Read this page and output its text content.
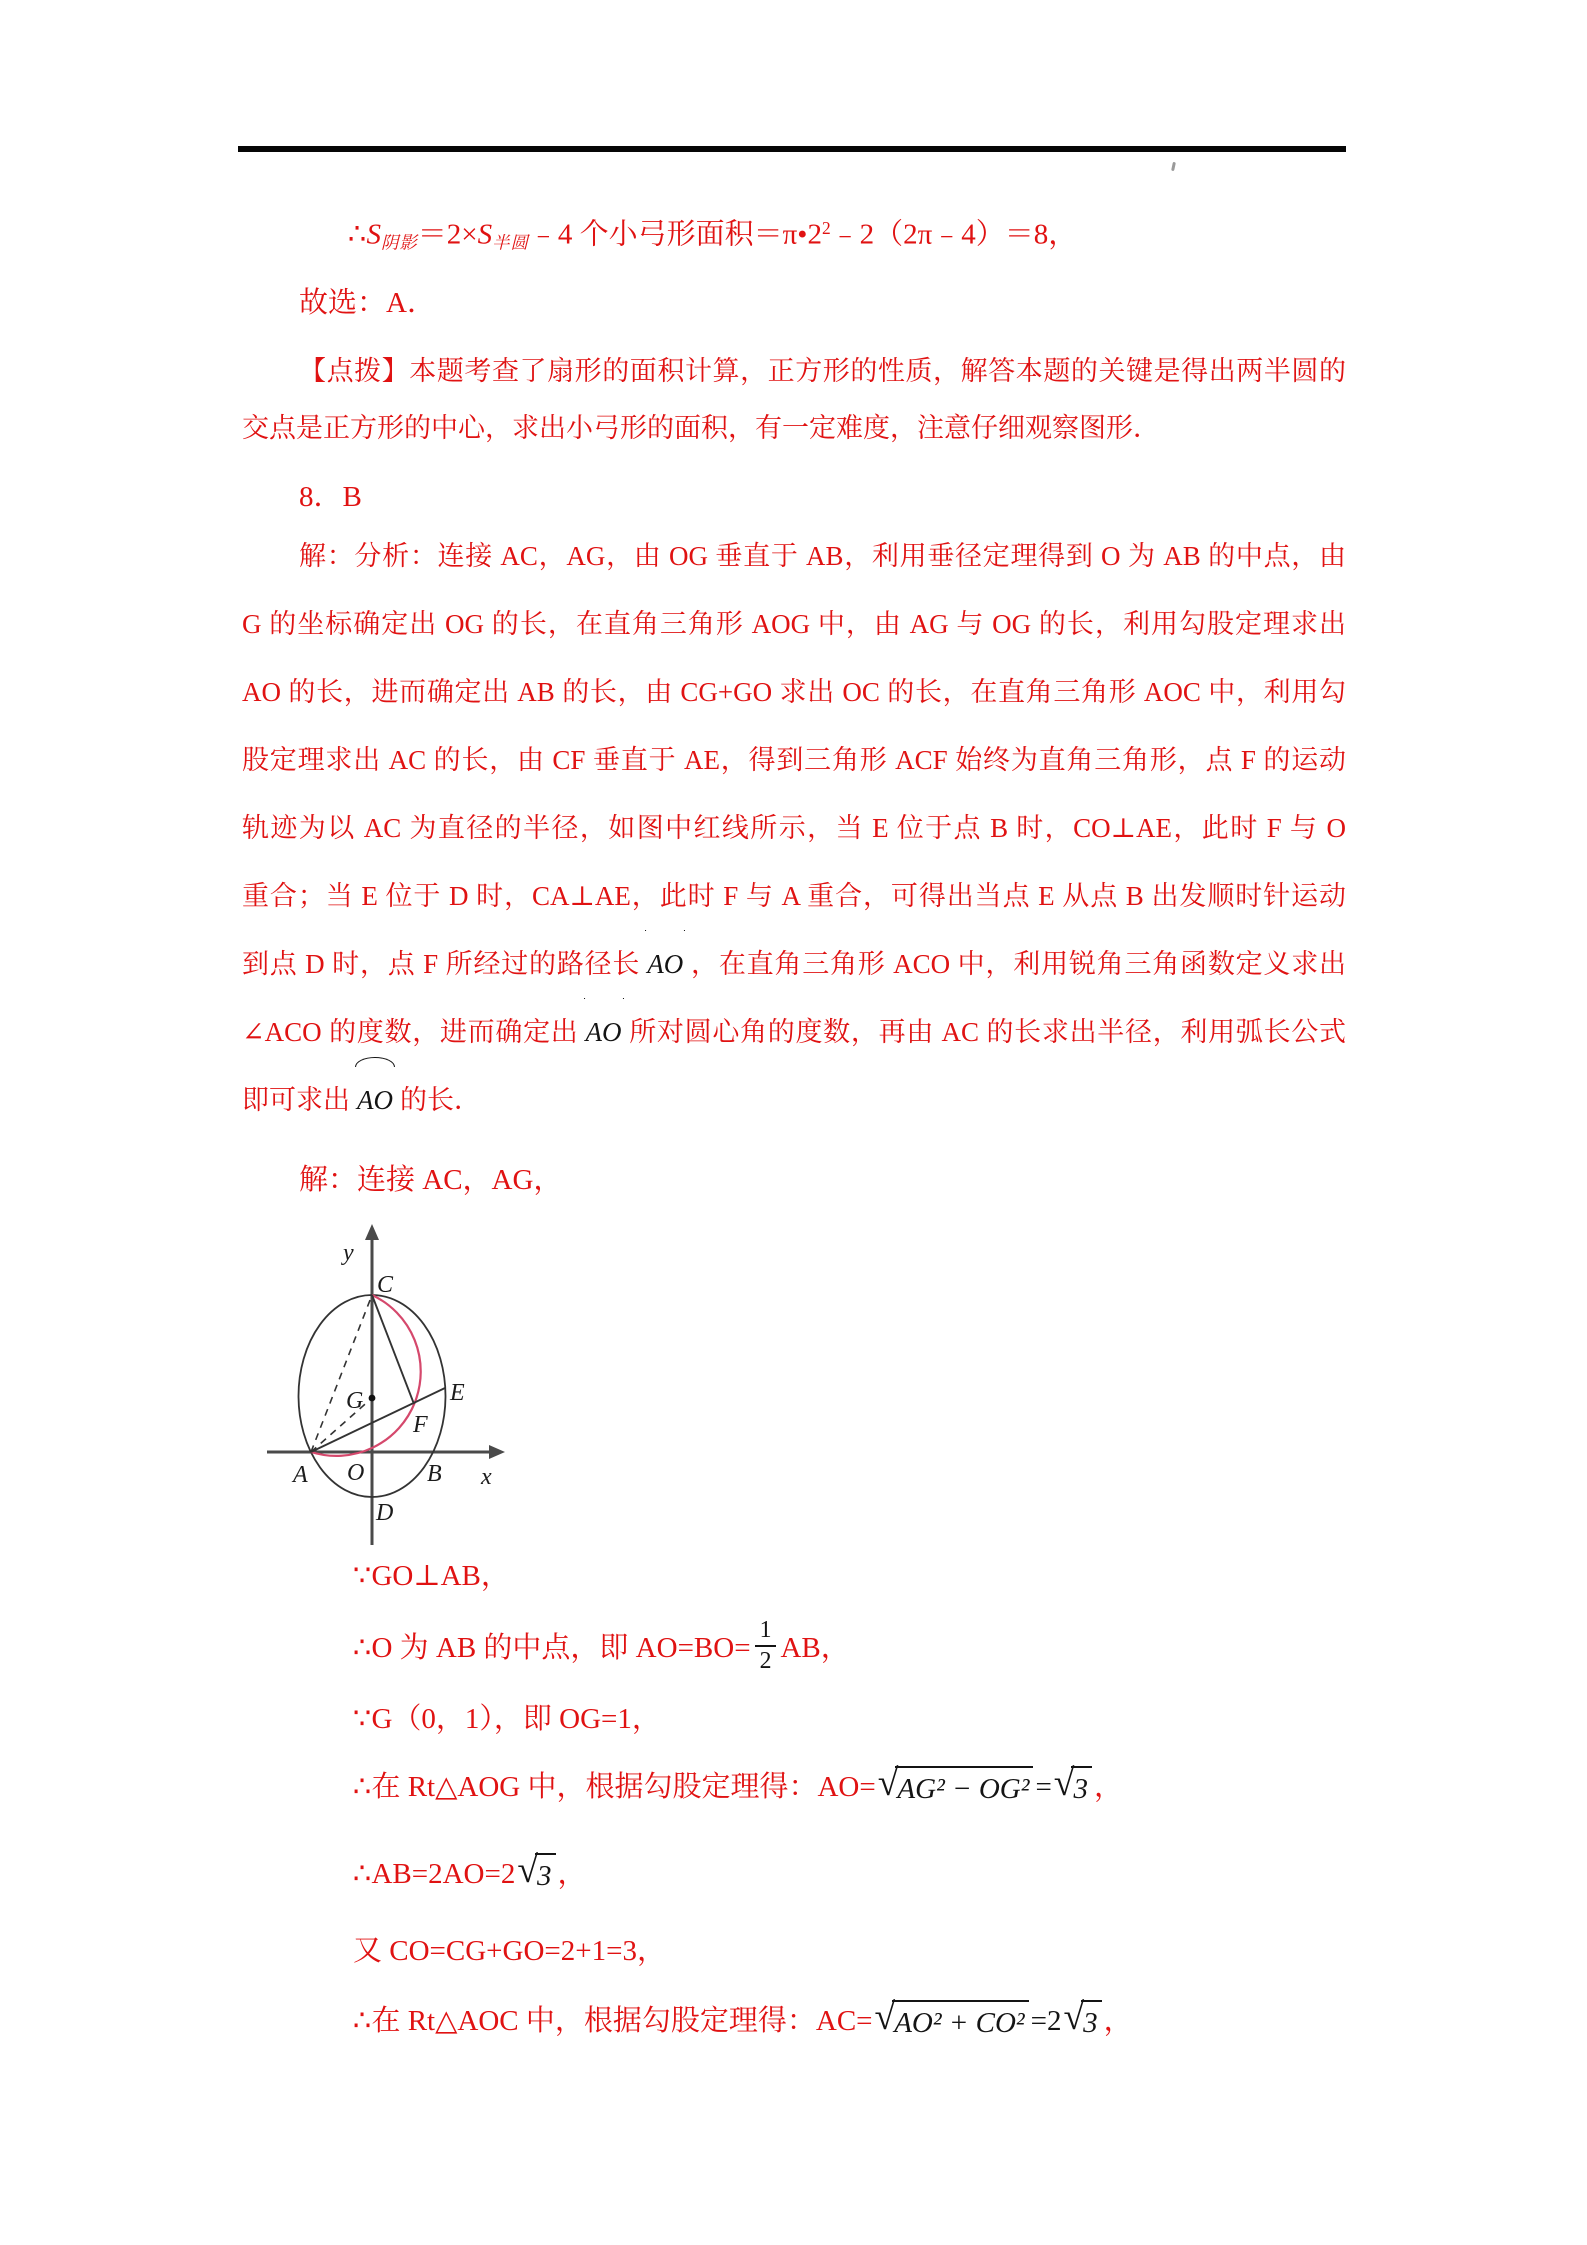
∴S阴影＝2×S半圆﹣4 个小弓形面积$=\pi•2^2﹣2(2\pi﹣4)=8$，
故选：A．
【点拨】本题考查了扇形的面积计算，正方形的性质，解答本题的关键是得出两半圆的
交点是正方形的中心，求出小弓形的面积，有一定难度，注意仔细观察图形．
8．B
解：分析：连接 AC，AG，由 OG 垂直于 AB，利用垂径定理得到 O 为 AB 的中点，由
G 的坐标确定出 OG 的长，在直角三角形 AOG 中，由 AG 与 OG 的长，利用勾股定理求出
AO 的长，进而确定出 AB 的长，由 CG+GO 求出 OC 的长，在直角三角形 AOC 中，利用勾
股定理求出 AC 的长，由 CF 垂直于 AE，得到三角形 ACF 始终为直角三角形，点 F 的运动
轨迹为以 AC 为直径的半径，如图中红线所示，当 E 位于点 B 时，CO⊥AE，此时 F 与 O
重合；当 E 位于 D 时，CA⊥AE，此时 F 与 A 重合，可得出当点 E 从点 B 出发顺时针运动
到点 D 时，点 F 所经过的路径长 AO ，在直角三角形 ACO 中，利用锐角三角函数定义求出
∠ACO 的度数，进而确定出 AO 所对圆心角的度数，再由 AC 的长求出半径，利用弧长公式
即可求出 AO 的长．
解：连接 AC，AG，
y
x
C
G	E
F
A O	B
D
∵GO⊥AB，
∴O 为 AB 的中点，即 $AO=BO= \frac{1}{2}$ AB，
∵G（0，1），即 OG=1，
∴在 Rt△AOG 中，根据勾股定理得：AO=√AG² − OG² =√3 ，
∴AB=2AO=2√3 ，
又 CO=CG+GO=2+1=3，
∴在 Rt△AOC 中，根据勾股定理得：AC=√AO² + CO² =2√3 ，
